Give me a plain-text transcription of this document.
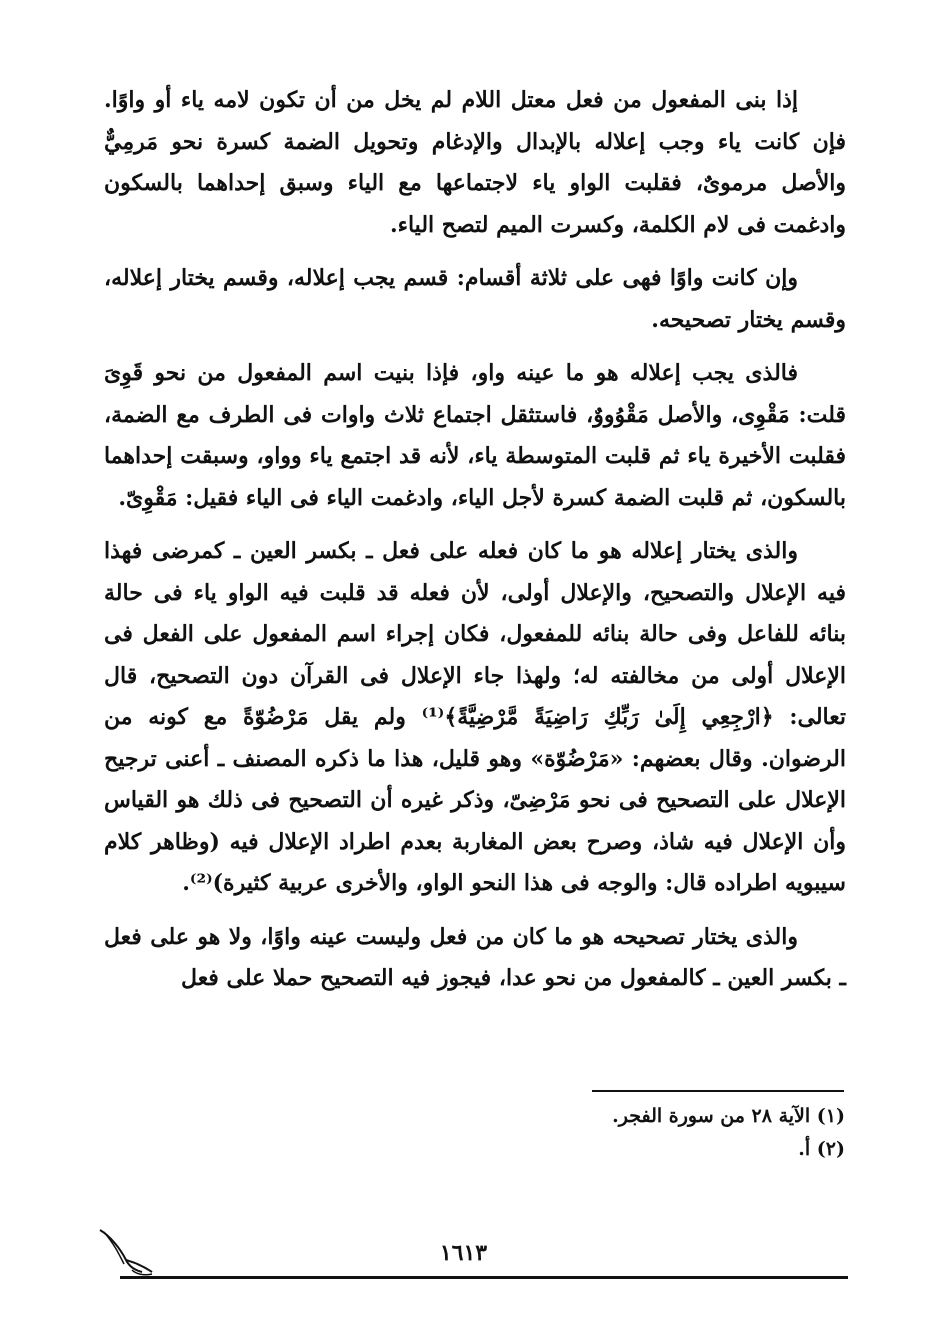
إذا بنى المفعول من فعل معتل اللام لم يخل من أن تكون لامه ياء أو واوًا. فإن كانت ياء وجب إعلاله بالإبدال والإدغام وتحويل الضمة كسرة نحو مَرمِيٌّ والأصل مرموىٌ، فقلبت الواو ياء لاجتماعها مع الياء وسبق إحداهما بالسكون وادغمت فى لام الكلمة، وكسرت الميم لتصح الياء.

وإن كانت واوًا فهى على ثلاثة أقسام: قسم يجب إعلاله، وقسم يختار إعلاله، وقسم يختار تصحيحه.

فالذى يجب إعلاله هو ما عينه واو، فإذا بنيت اسم المفعول من نحو قَوِىَ قلت: مَقْوِى، والأصل مَقْوُووٌ، فاستثقل اجتماع ثلاث واوات فى الطرف مع الضمة، فقلبت الأخيرة ياء ثم قلبت المتوسطة ياء، لأنه قد اجتمع ياء وواو، وسبقت إحداهما بالسكون، ثم قلبت الضمة كسرة لأجل الياء، وادغمت الياء فى الياء فقيل: مَقْوِىّ.

والذى يختار إعلاله هو ما كان فعله على فعل ـ بكسر العين ـ كمرضى فهذا فيه الإعلال والتصحيح، والإعلال أولى، لأن فعله قد قلبت فيه الواو ياء فى حالة بنائه للفاعل وفى حالة بنائه للمفعول، فكان إجراء اسم المفعول على الفعل فى الإعلال أولى من مخالفته له؛ ولهذا جاء الإعلال فى القرآن دون التصحيح، قال تعالى: ﴿ارْجِعِي إِلَىٰ رَبِّكِ رَاضِيَةً مَّرْضِيَّةً﴾⁽¹⁾ ولم يقل مَرْضُوّةً مع كونه من الرضوان. وقال بعضهم: «مَرْضُوّة» وهو قليل، هذا ما ذكره المصنف ـ أعنى ترجيح الإعلال على التصحيح فى نحو مَرْضِىّ، وذكر غيره أن التصحيح فى ذلك هو القياس وأن الإعلال فيه شاذ، وصرح بعض المغاربة بعدم اطراد الإعلال فيه (وظاهر كلام سيبويه اطراده قال: والوجه فى هذا النحو الواو، والأخرى عربية كثيرة)⁽²⁾.

والذى يختار تصحيحه هو ما كان من فعل وليست عينه واوًا، ولا هو على فعل ـ بكسر العين ـ كالمفعول من نحو عدا، فيجوز فيه التصحيح حملا على فعل

(١) الآية ٢٨ من سورة الفجر.
(٢) أ.
١٦١٣
